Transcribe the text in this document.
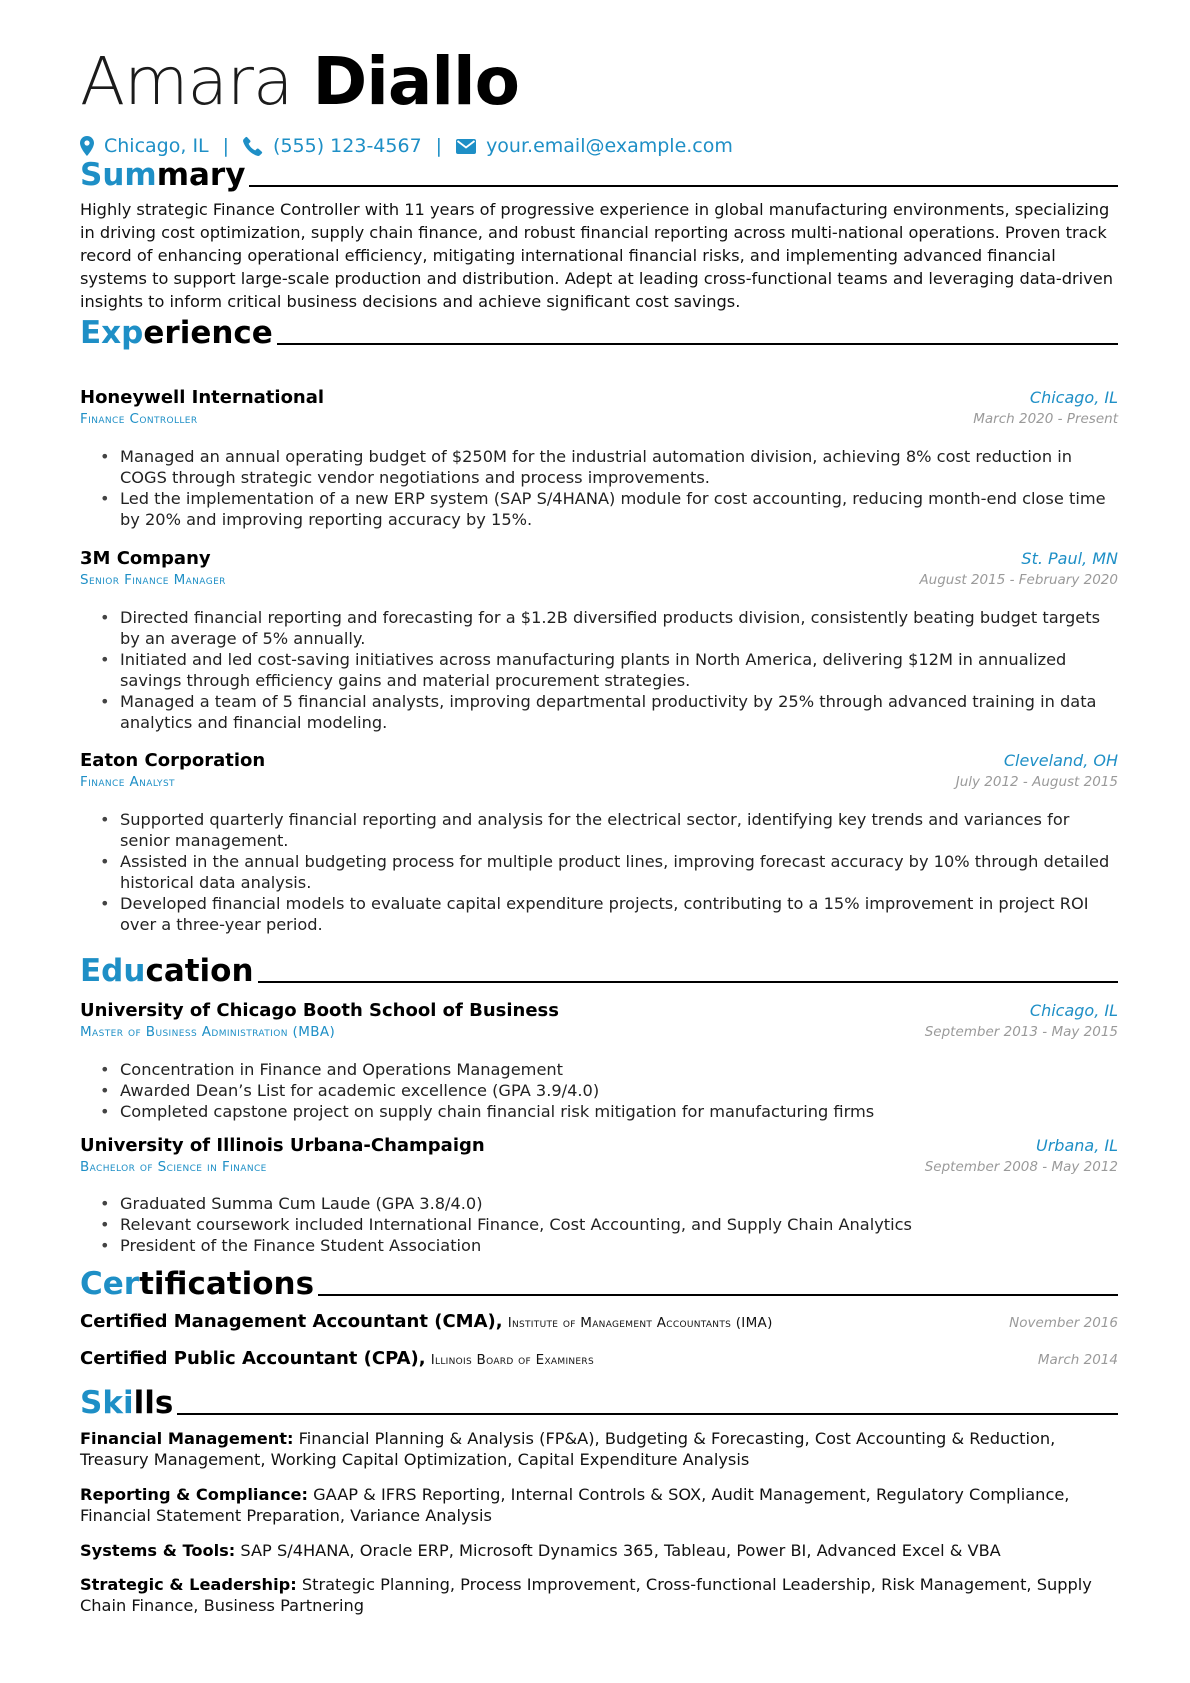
Amara Diallo
Chicago, IL | (555) 123-4567 | your.email@example.com
Summary
Highly strategic Finance Controller with 11 years of progressive experience in global manufacturing environments, specializing in driving cost optimization, supply chain finance, and robust financial reporting across multi-national operations. Proven track record of enhancing operational efficiency, mitigating international financial risks, and implementing advanced financial systems to support large-scale production and distribution. Adept at leading cross-functional teams and leveraging data-driven insights to inform critical business decisions and achieve significant cost savings.
Experience
Honeywell International	Chicago, IL
Finance Controller	March 2020 - Present
• Managed an annual operating budget of $250M for the industrial automation division, achieving 8% cost reduction in COGS through strategic vendor negotiations and process improvements.
• Led the implementation of a new ERP system (SAP S/4HANA) module for cost accounting, reducing month-end close time by 20% and improving reporting accuracy by 15%.
3M Company	St. Paul, MN
Senior Finance Manager	August 2015 - February 2020
• Directed financial reporting and forecasting for a $1.2B diversified products division, consistently beating budget targets by an average of 5% annually.
• Initiated and led cost-saving initiatives across manufacturing plants in North America, delivering $12M in annualized savings through efficiency gains and material procurement strategies.
• Managed a team of 5 financial analysts, improving departmental productivity by 25% through advanced training in data analytics and financial modeling.
Eaton Corporation	Cleveland, OH
Finance Analyst	July 2012 - August 2015
• Supported quarterly financial reporting and analysis for the electrical sector, identifying key trends and variances for senior management.
• Assisted in the annual budgeting process for multiple product lines, improving forecast accuracy by 10% through detailed historical data analysis.
• Developed financial models to evaluate capital expenditure projects, contributing to a 15% improvement in project ROI over a three-year period.
Education
University of Chicago Booth School of Business	Chicago, IL
Master of Business Administration (MBA)	September 2013 - May 2015
• Concentration in Finance and Operations Management
• Awarded Dean’s List for academic excellence (GPA 3.9/4.0)
• Completed capstone project on supply chain financial risk mitigation for manufacturing firms
University of Illinois Urbana-Champaign	Urbana, IL
Bachelor of Science in Finance	September 2008 - May 2012
• Graduated Summa Cum Laude (GPA 3.8/4.0)
• Relevant coursework included International Finance, Cost Accounting, and Supply Chain Analytics
• President of the Finance Student Association
Certifications
Certified Management Accountant (CMA), Institute of Management Accountants (IMA)	November 2016
Certified Public Accountant (CPA), Illinois Board of Examiners	March 2014
Skills
Financial Management: Financial Planning & Analysis (FP&A), Budgeting & Forecasting, Cost Accounting & Reduction, Treasury Management, Working Capital Optimization, Capital Expenditure Analysis
Reporting & Compliance: GAAP & IFRS Reporting, Internal Controls & SOX, Audit Management, Regulatory Compliance, Financial Statement Preparation, Variance Analysis
Systems & Tools: SAP S/4HANA, Oracle ERP, Microsoft Dynamics 365, Tableau, Power BI, Advanced Excel & VBA
Strategic & Leadership: Strategic Planning, Process Improvement, Cross-functional Leadership, Risk Management, Supply Chain Finance, Business Partnering
